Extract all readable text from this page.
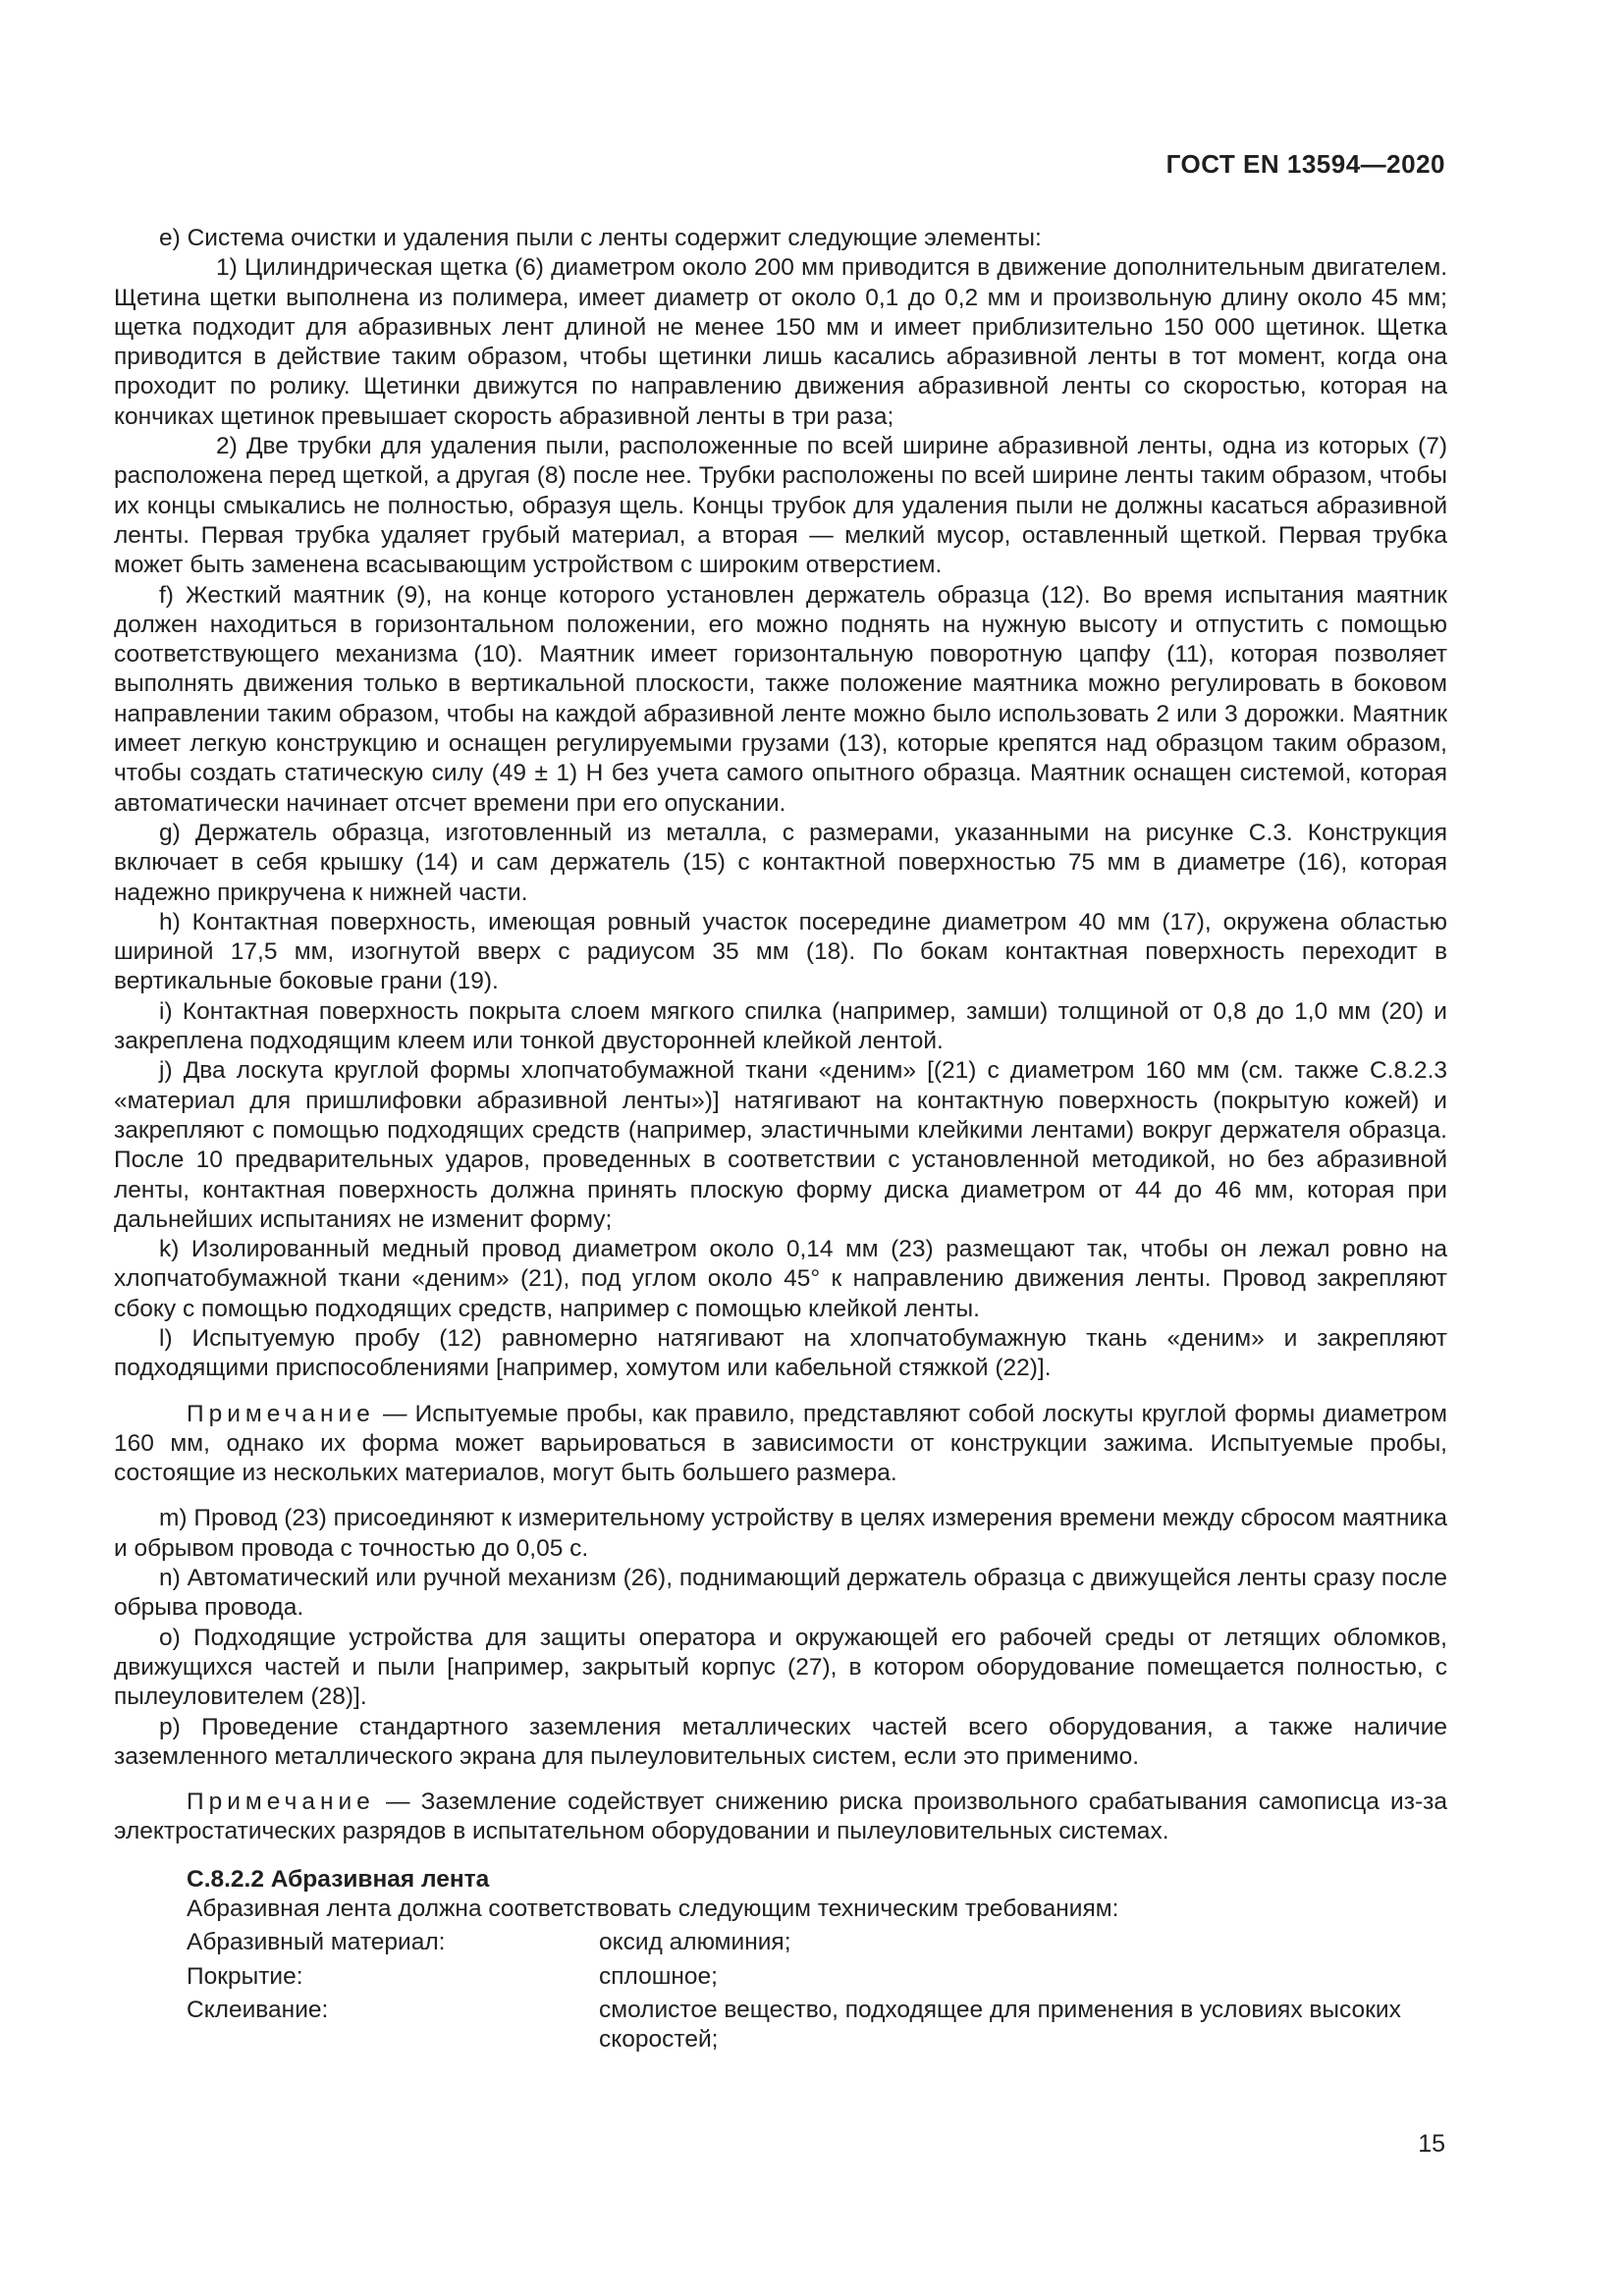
ГОСТ EN 13594—2020

е) Система очистки и удаления пыли с ленты содержит следующие элементы:

1) Цилиндрическая щетка (6) диаметром около 200 мм приводится в движение дополнительным двигателем. Щетина щетки выполнена из полимера, имеет диаметр от около 0,1 до 0,2 мм и произвольную длину около 45 мм; щетка подходит для абразивных лент длиной не менее 150 мм и имеет приблизительно 150 000 щетинок. Щетка приводится в действие таким образом, чтобы щетинки лишь касались абразивной ленты в тот момент, когда она проходит по ролику. Щетинки движутся по направлению движения абразивной ленты со скоростью, которая на кончиках щетинок превышает скорость абразивной ленты в три раза;

2) Две трубки для удаления пыли, расположенные по всей ширине абразивной ленты, одна из которых (7) расположена перед щеткой, а другая (8) после нее. Трубки расположены по всей ширине ленты таким образом, чтобы их концы смыкались не полностью, образуя щель. Концы трубок для удаления пыли не должны касаться абразивной ленты. Первая трубка удаляет грубый материал, а вторая — мелкий мусор, оставленный щеткой. Первая трубка может быть заменена всасывающим устройством с широким отверстием.

f) Жесткий маятник (9), на конце которого установлен держатель образца (12). Во время испытания маятник должен находиться в горизонтальном положении, его можно поднять на нужную высоту и отпустить с помощью соответствующего механизма (10). Маятник имеет горизонтальную поворотную цапфу (11), которая позволяет выполнять движения только в вертикальной плоскости, также положение маятника можно регулировать в боковом направлении таким образом, чтобы на каждой абразивной ленте можно было использовать 2 или 3 дорожки. Маятник имеет легкую конструкцию и оснащен регулируемыми грузами (13), которые крепятся над образцом таким образом, чтобы создать статическую силу (49 ± 1) Н без учета самого опытного образца. Маятник оснащен системой, которая автоматически начинает отсчет времени при его опускании.

g) Держатель образца, изготовленный из металла, с размерами, указанными на рисунке С.3. Конструкция включает в себя крышку (14) и сам держатель (15) с контактной поверхностью 75 мм в диаметре (16), которая надежно прикручена к нижней части.

h) Контактная поверхность, имеющая ровный участок посередине диаметром 40 мм (17), окружена областью шириной 17,5 мм, изогнутой вверх с радиусом 35 мм (18). По бокам контактная поверхность переходит в вертикальные боковые грани (19).

i) Контактная поверхность покрыта слоем мягкого спилка (например, замши) толщиной от 0,8 до 1,0 мм (20) и закреплена подходящим клеем или тонкой двусторонней клейкой лентой.

j) Два лоскута круглой формы хлопчатобумажной ткани «деним» [(21) с диаметром 160 мм (см. также С.8.2.3 «материал для пришлифовки абразивной ленты»)] натягивают на контактную поверхность (покрытую кожей) и закрепляют с помощью подходящих средств (например, эластичными клейкими лентами) вокруг держателя образца. После 10 предварительных ударов, проведенных в соответствии с установленной методикой, но без абразивной ленты, контактная поверхность должна принять плоскую форму диска диаметром от 44 до 46 мм, которая при дальнейших испытаниях не изменит форму;

k) Изолированный медный провод диаметром около 0,14 мм (23) размещают так, чтобы он лежал ровно на хлопчатобумажной ткани «деним» (21), под углом около 45° к направлению движения ленты. Провод закрепляют сбоку с помощью подходящих средств, например с помощью клейкой ленты.

l) Испытуемую пробу (12) равномерно натягивают на хлопчатобумажную ткань «деним» и закрепляют подходящими приспособлениями [например, хомутом или кабельной стяжкой (22)].

Примечание — Испытуемые пробы, как правило, представляют собой лоскуты круглой формы диаметром 160 мм, однако их форма может варьироваться в зависимости от конструкции зажима. Испытуемые пробы, состоящие из нескольких материалов, могут быть большего размера.

m) Провод (23) присоединяют к измерительному устройству в целях измерения времени между сбросом маятника и обрывом провода с точностью до 0,05 с.

n) Автоматический или ручной механизм (26), поднимающий держатель образца с движущейся ленты сразу после обрыва провода.

о) Подходящие устройства для защиты оператора и окружающей его рабочей среды от летящих обломков, движущихся частей и пыли [например, закрытый корпус (27), в котором оборудование помещается полностью, с пылеуловителем (28)].

р) Проведение стандартного заземления металлических частей всего оборудования, а также наличие заземленного металлического экрана для пылеуловительных систем, если это применимо.

Примечание — Заземление содействует снижению риска произвольного срабатывания самописца из-за электростатических разрядов в испытательном оборудовании и пылеуловительных системах.

С.8.2.2 Абразивная лента

Абразивная лента должна соответствовать следующим техническим требованиям:

Абразивный материал:	оксид алюминия;
Покрытие:	сплошное;
Склеивание:	смолистое вещество, подходящее для применения в условиях высоких скоростей;
15
